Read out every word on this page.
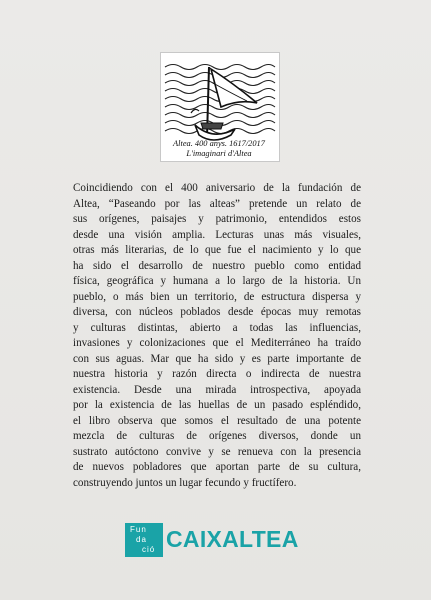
Altea. 400 anys. 1617/2017
L'imaginari d'Altea
Coincidiendo con el 400 aniversario de la fundación de
Altea, “Paseando por las alteas” pretende un relato de
sus orígenes, paisajes y patrimonio, entendidos estos
desde una visión amplia. Lecturas unas más visuales,
otras más literarias, de lo que fue el nacimiento y lo que
ha sido el desarrollo de nuestro pueblo como entidad
física, geográfica y humana a lo largo de la historia. Un
pueblo, o más bien un territorio, de estructura dispersa y
diversa, con núcleos poblados desde épocas muy remotas
y culturas distintas, abierto a todas las influencias,
invasiones y colonizaciones que el Mediterráneo ha traído
con sus aguas. Mar que ha sido y es parte importante de
nuestra historia y razón directa o indirecta de nuestra
existencia. Desde una mirada introspectiva, apoyada
por la existencia de las huellas de un pasado espléndido,
el libro observa que somos el resultado de una potente
mezcla de culturas de orígenes diversos, donde un
sustrato autóctono convive y se renueva con la presencia
de nuevos pobladores que aportan parte de su cultura,
construyendo juntos un lugar fecundo y fructífero.
Fun
da
ció CAIXALTEA
